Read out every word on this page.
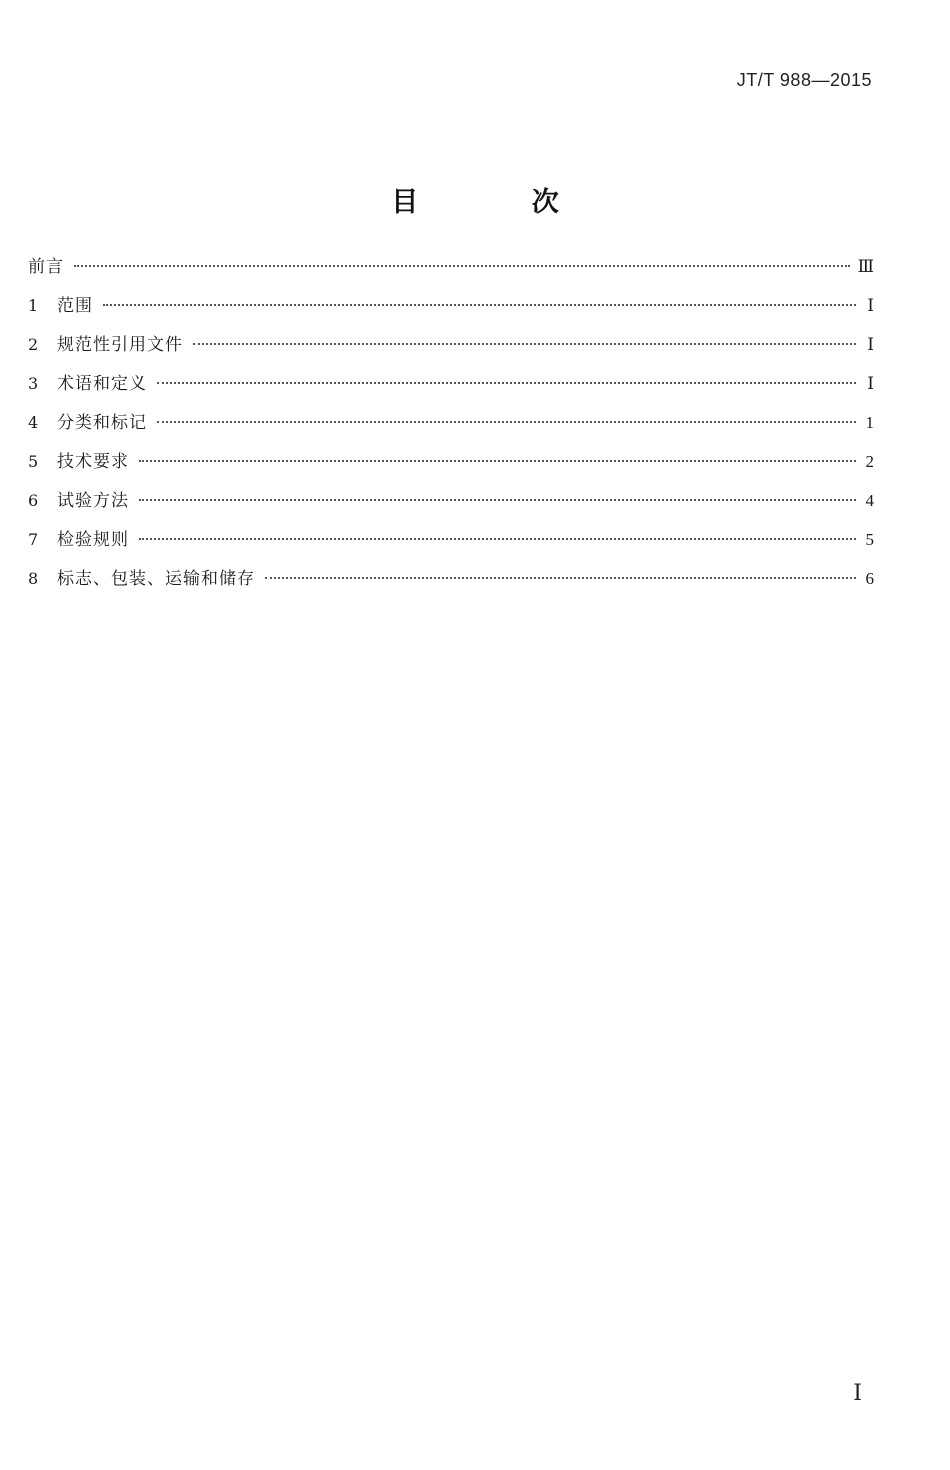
JT/T 988—2015
目 次
前言	Ⅲ
1	范围	Ⅰ
2	规范性引用文件	Ⅰ
3	术语和定义	Ⅰ
4	分类和标记	1
5	技术要求	2
6	试验方法	4
7	检验规则	5
8	标志、包装、运输和储存	6
Ⅰ
